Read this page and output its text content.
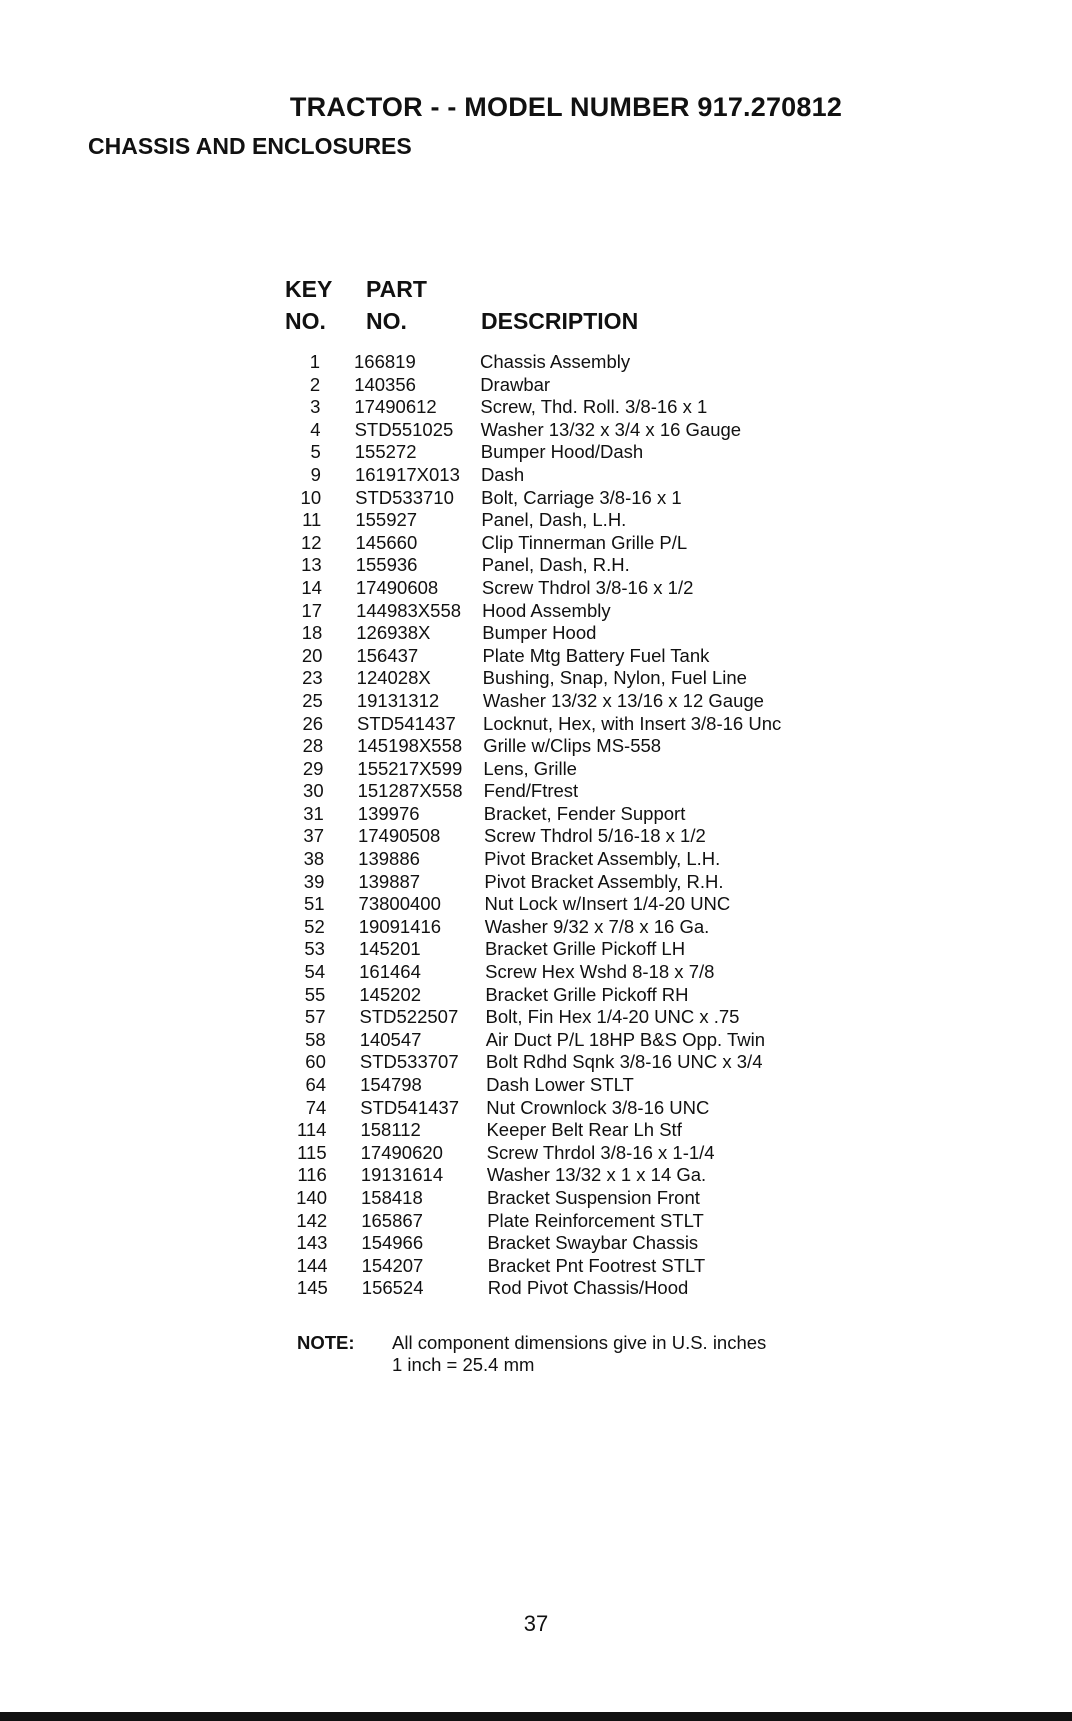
TRACTOR - - MODEL NUMBER 917.270812
CHASSIS AND ENCLOSURES
KEY
NO.
PART
NO.	DESCRIPTION
1 166819	Chassis Assembly
2 140356	Drawbar
3 17490612 Screw, Thd. Roll. 3/8-16 x 1
4 STD551025 Washer 13/32 x 3/4 x 16 Gauge
5 155272	Bumper Hood/Dash
9 161917X013 Dash
10 STD533710 Bolt, Carriage 3/8-16 x 1
11 155927	Panel, Dash, L.H.
12 145660	Clip Tinnerman Grille P/L
13 155936	Panel, Dash, R.H.
14 17490608 Screw Thdrol 3/8-16 x 1/2
17 144983X558 Hood Assembly
18 126938X	Bumper Hood
20 156437	Plate Mtg Battery Fuel Tank
23 124028X	Bushing, Snap, Nylon, Fuel Line
25 19131312 Washer 13/32 x 13/16 x 12 Gauge
26 STD541437 Locknut, Hex, with Insert 3/8-16 Unc
28 145198X558 Grille w/Clips MS-558
29 155217X599 Lens, Grille
30 151287X558 Fend/Ftrest
31 139976	Bracket, Fender Support
37 17490508 Screw Thdrol 5/16-18 x 1/2
38 139886	Pivot Bracket Assembly, L.H.
39 139887	Pivot Bracket Assembly, R.H.
51 73800400 Nut Lock w/Insert 1/4-20 UNC
52 19091416 Washer 9/32 x 7/8 x 16 Ga.
53 145201	Bracket Grille Pickoff LH
54 161464	Screw Hex Wshd 8-18 x 7/8
55 145202	Bracket Grille Pickoff RH
57 STD522507 Bolt, Fin Hex 1/4-20 UNC x .75
58 140547	Air Duct P/L 18HP B&S Opp. Twin
60 STD533707 Bolt Rdhd Sqnk 3/8-16 UNC x 3/4
64 154798	Dash Lower STLT
74 STD541437 Nut Crownlock 3/8-16 UNC
114 158112	Keeper Belt Rear Lh Stf
115 17490620 Screw Thrdol 3/8-16 x 1-1/4
116 19131614 Washer 13/32 x 1 x 14 Ga.
140 158418	Bracket Suspension Front
142 165867	Plate Reinforcement STLT
143 154966	Bracket Swaybar Chassis
144 154207	Bracket Pnt Footrest STLT
145 156524	Rod Pivot Chassis/Hood
NOTE: All component dimensions give in U.S. inches
1 inch = 25.4 mm
37
